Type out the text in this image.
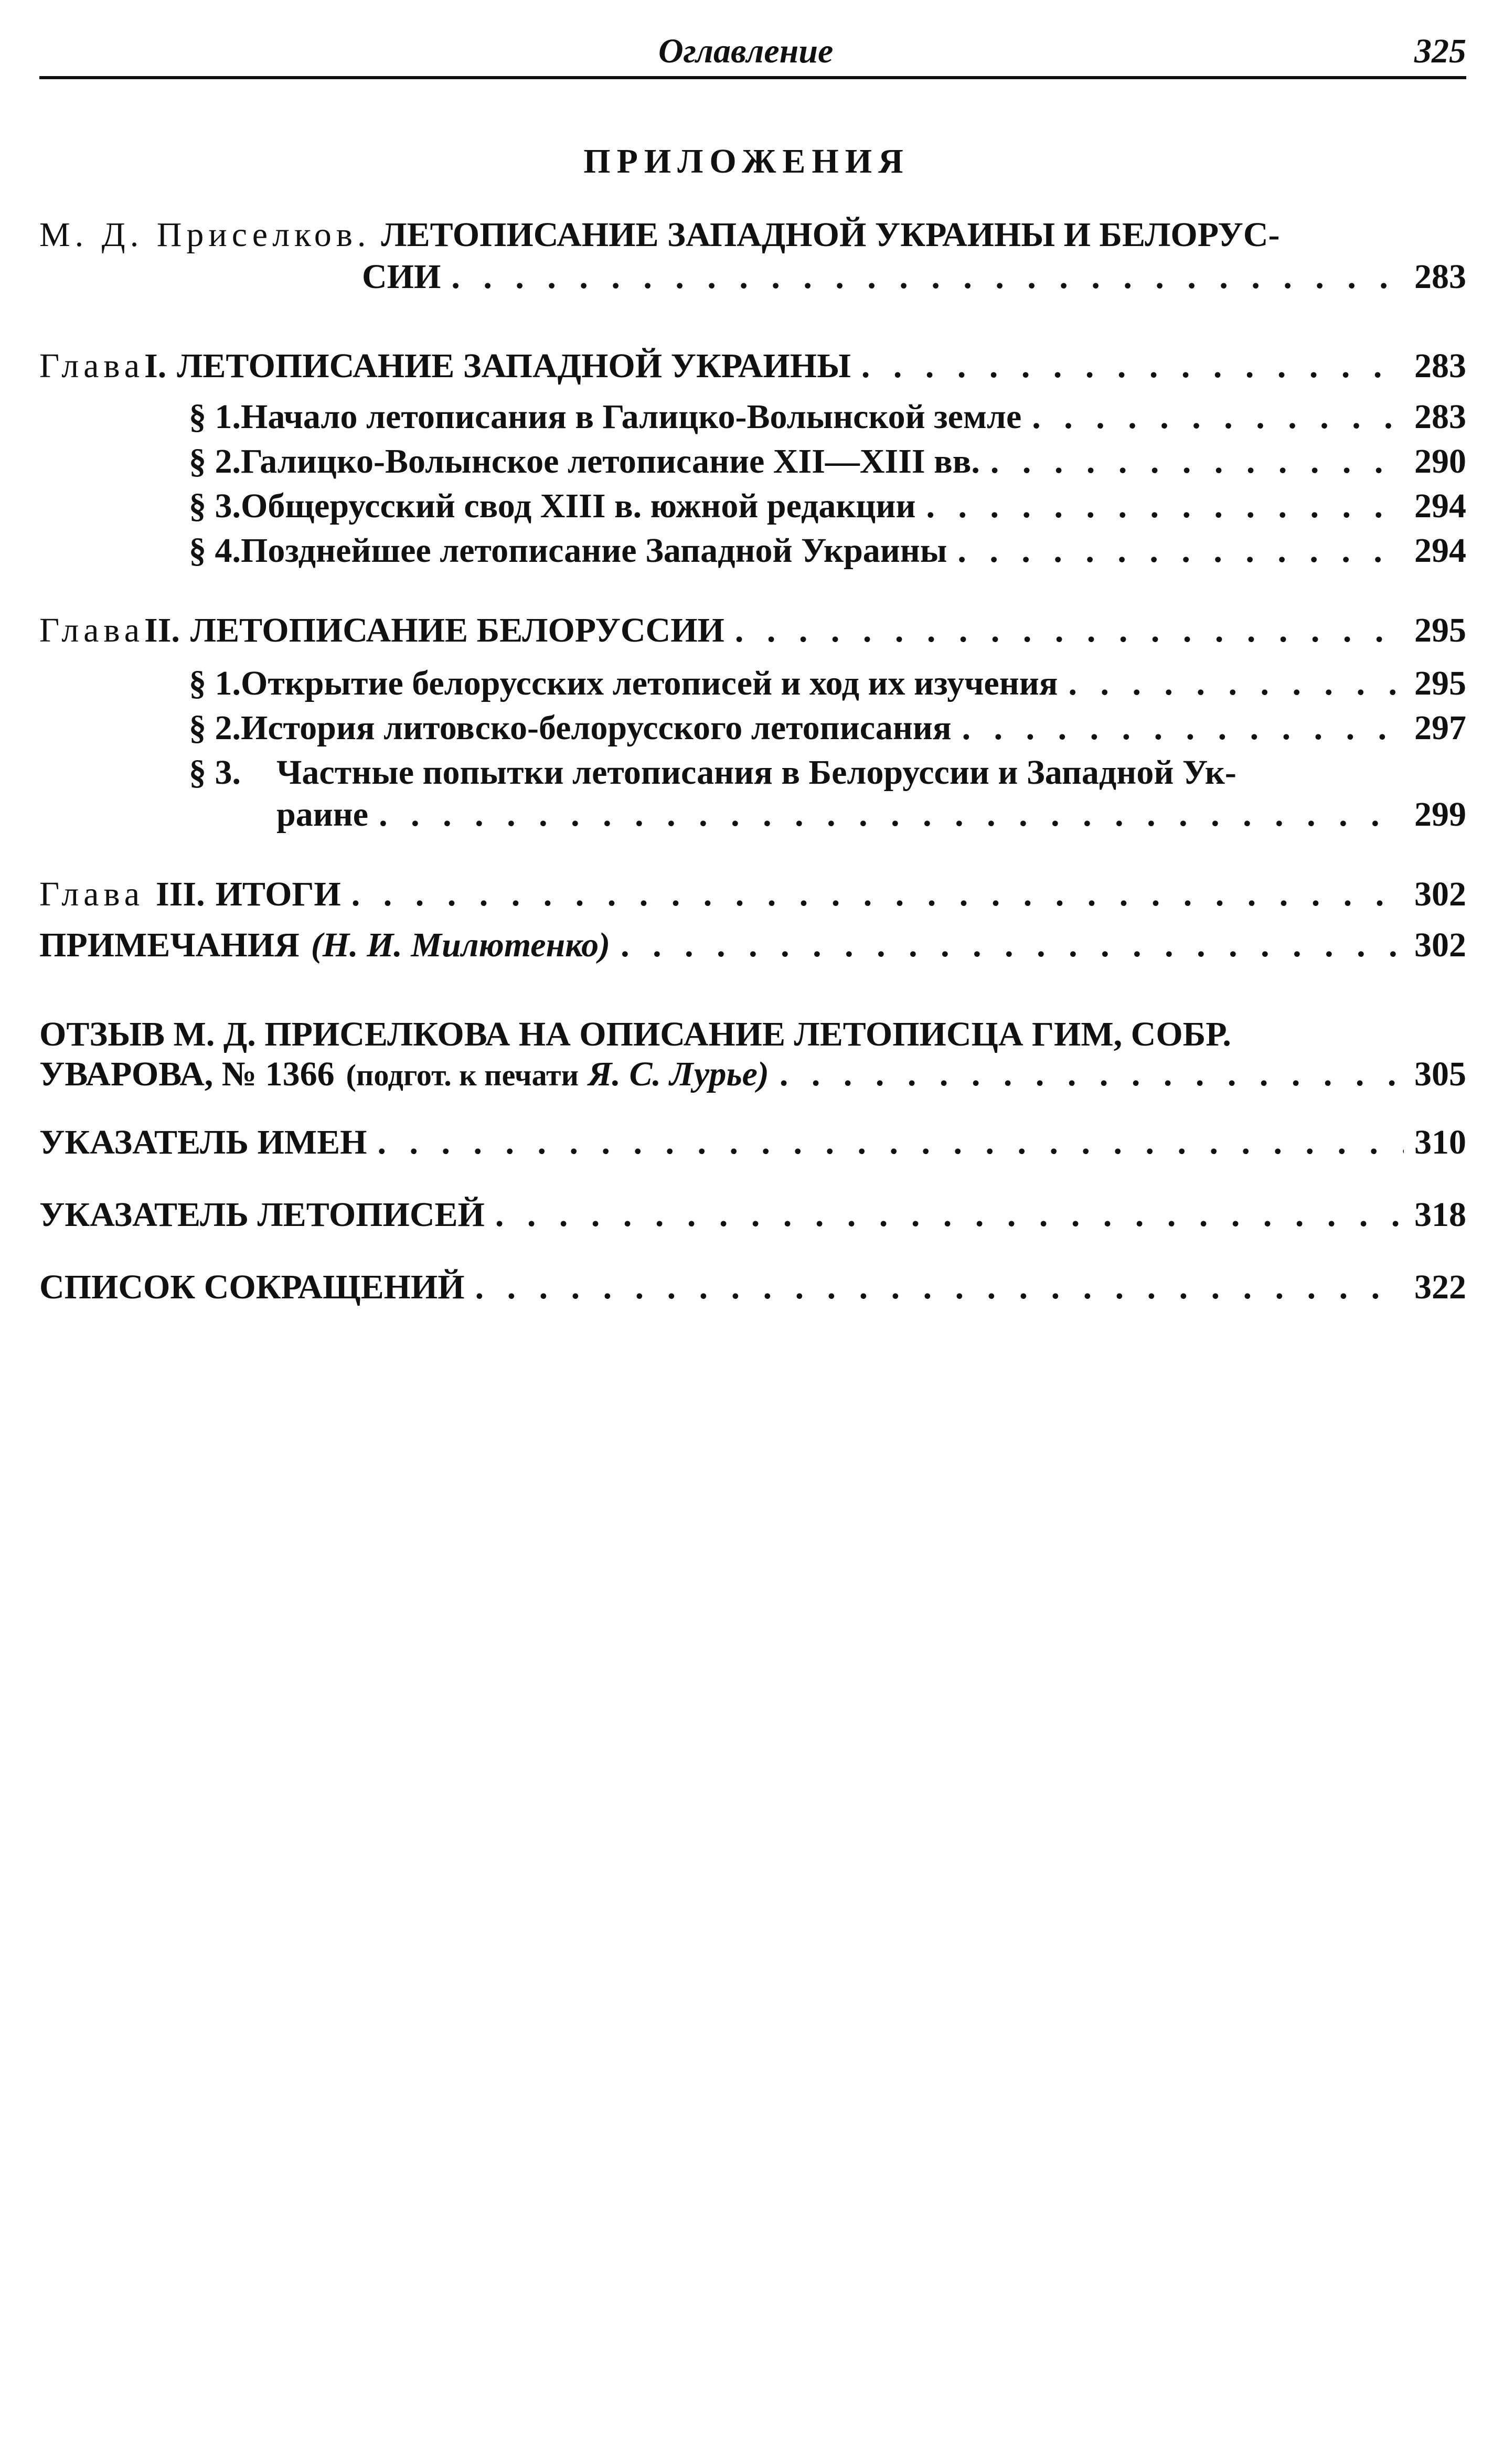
Оглавление	325
ПРИЛОЖЕНИЯ
М. Д. Приселков. ЛЕТОПИСАНИЕ ЗАПАДНОЙ УКРАИНЫ И БЕЛОРУС-
СИИ . . .	283
Глава I. ЛЕТОПИСАНИЕ ЗАПАДНОЙ УКРАИНЫ . . .	283
§ 1. Начало летописания в Галицко-Волынской земле . . .	283
§ 2. Галицко-Волынское летописание XII—XIII вв. . . .	290
§ 3. Общерусский свод XIII в. южной редакции . . .	294
§ 4. Позднейшее летописание Западной Украины . . .	294
Глава II. ЛЕТОПИСАНИЕ БЕЛОРУССИИ . . .	295
§ 1. Открытие белорусских летописей и ход их изучения . . .	295
§ 2. История литовско-белорусского летописания . . .	297
§ 3.	Частные попытки летописания в Белоруссии и Западной Ук-
раине . . .	299
Глава III. ИТОГИ . . .	302
ПРИМЕЧАНИЯ (Н. И. Милютенко) . . .	302
ОТЗЫВ М. Д. ПРИСЕЛКОВА НА ОПИСАНИЕ ЛЕТОПИСЦА ГИМ, СОБР.
УВАРОВА, № 1366 (подгот. к печати Я. С. Лурье) . . .	305
УКАЗАТЕЛЬ ИМЕН . . .	310
УКАЗАТЕЛЬ ЛЕТОПИСЕЙ . . .	318
СПИСОК СОКРАЩЕНИЙ . . .	322
